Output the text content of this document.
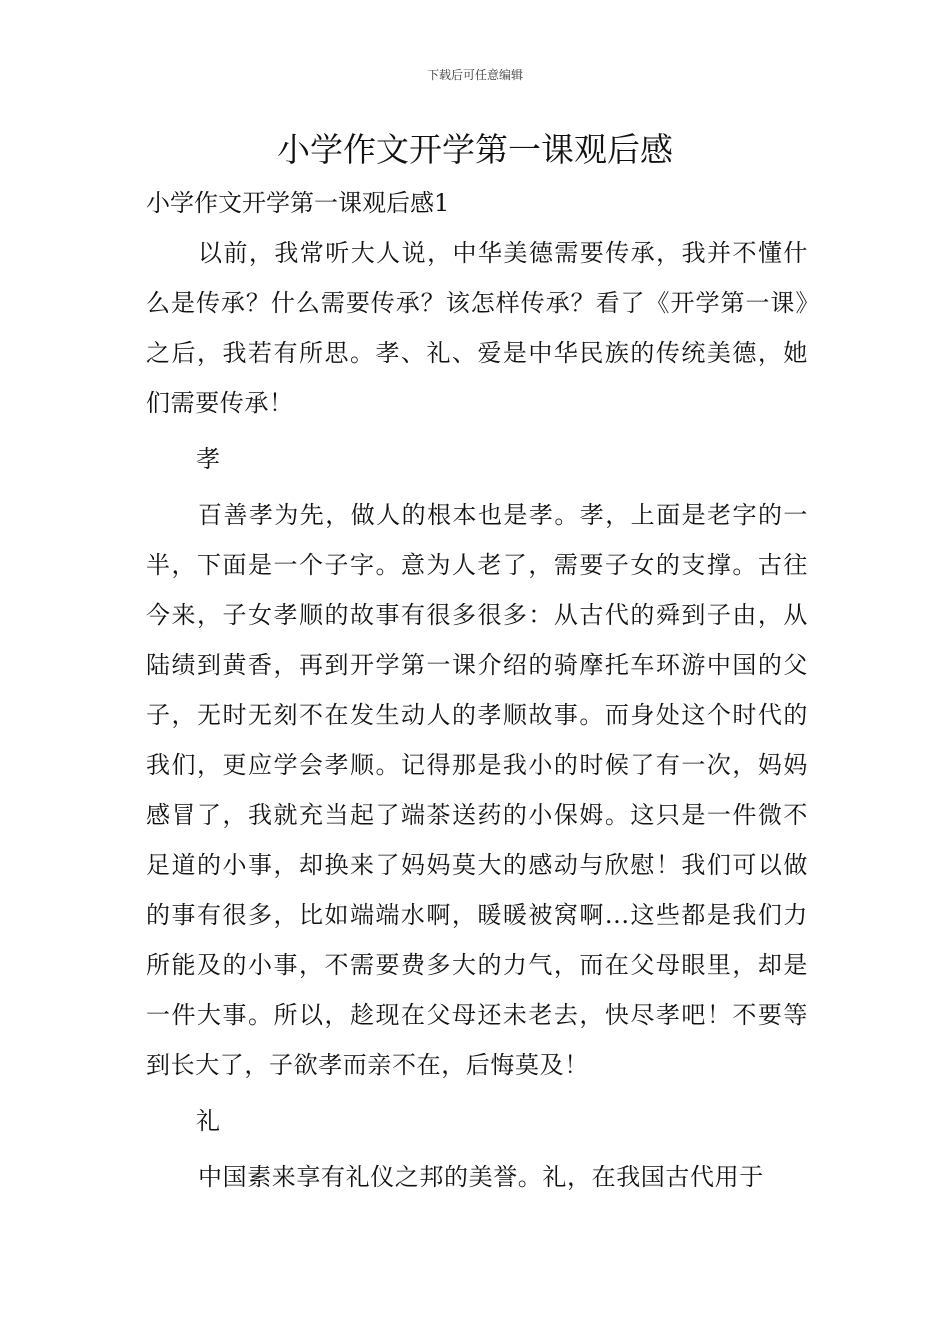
下载后可任意编辑
小学作文开学第一课观后感

小学作文开学第一课观后感1

以前，我常听大人说，中华美德需要传承，我并不懂什么是传承？什么需要传承？该怎样传承？看了《开学第一课》之后，我若有所思。孝、礼、爱是中华民族的传统美德，她们需要传承！

孝

百善孝为先，做人的根本也是孝。孝，上面是老字的一半，下面是一个子字。意为人老了，需要子女的支撑。古往今来，子女孝顺的故事有很多很多：从古代的舜到子由，从陆绩到黄香，再到开学第一课介绍的骑摩托车环游中国的父子，无时无刻不在发生动人的孝顺故事。而身处这个时代的我们，更应学会孝顺。记得那是我小的时候了有一次，妈妈感冒了，我就充当起了端茶送药的小保姆。这只是一件微不足道的小事，却换来了妈妈莫大的感动与欣慰！我们可以做的事有很多，比如端端水啊，暖暖被窝啊...这些都是我们力所能及的小事，不需要费多大的力气，而在父母眼里，却是一件大事。所以，趁现在父母还未老去，快尽孝吧！不要等到长大了，子欲孝而亲不在，后悔莫及！

礼

中国素来享有礼仪之邦的美誉。礼，在我国古代用于
